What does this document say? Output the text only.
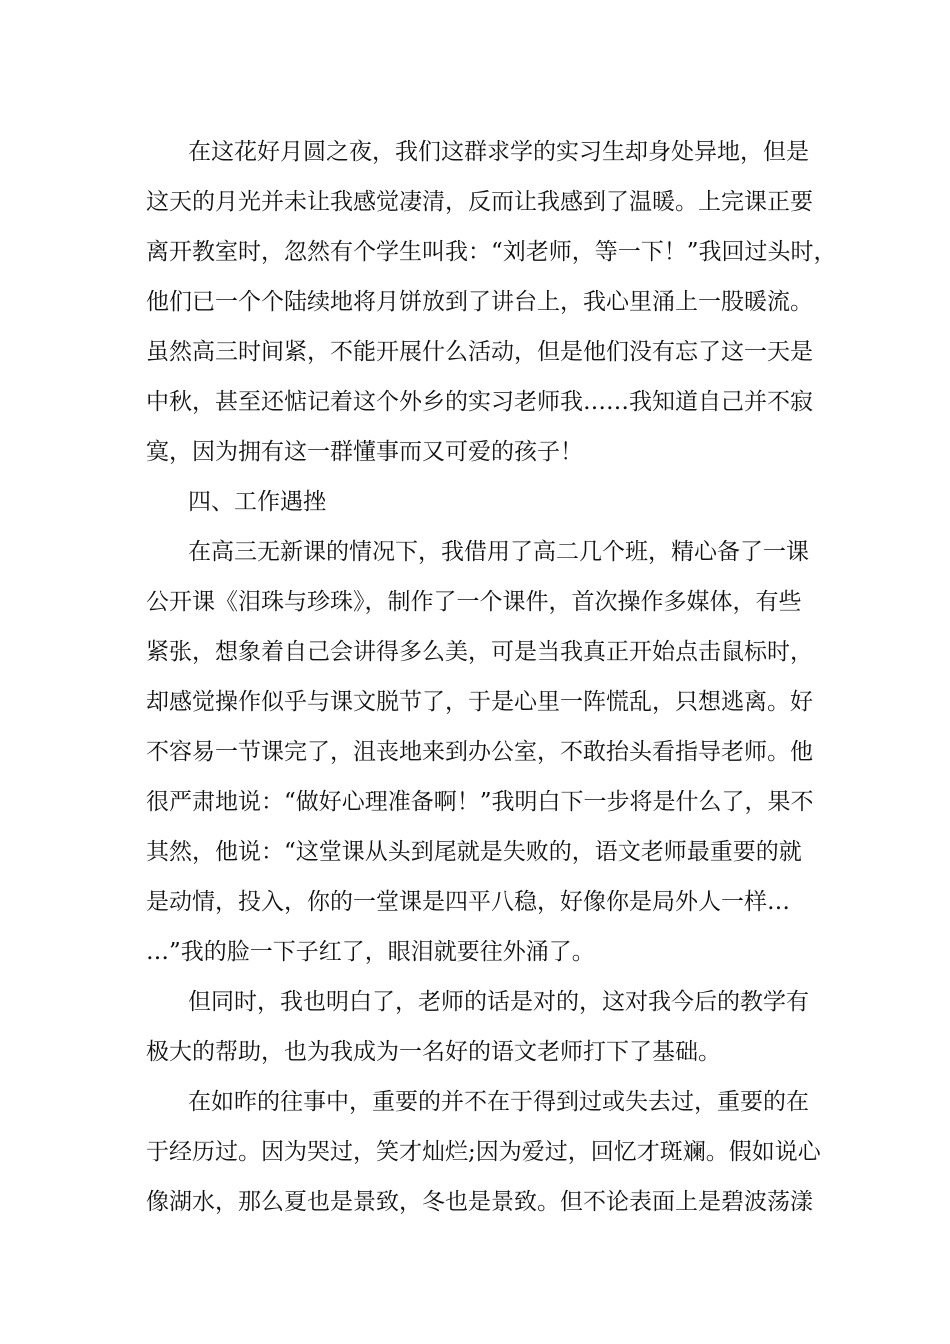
在这花好月圆之夜，我们这群求学的实习生却身处异地，但是
这天的月光并未让我感觉凄清，反而让我感到了温暖。上完课正要
离开教室时，忽然有个学生叫我：“刘老师，等一下！”我回过头时，
他们已一个个陆续地将月饼放到了讲台上，我心里涌上一股暖流。
虽然高三时间紧，不能开展什么活动，但是他们没有忘了这一天是
中秋，甚至还惦记着这个外乡的实习老师我……我知道自己并不寂
寞，因为拥有这一群懂事而又可爱的孩子！
四、工作遇挫
在高三无新课的情况下，我借用了高二几个班，精心备了一课
公开课《泪珠与珍珠》，制作了一个课件，首次操作多媒体，有些
紧张，想象着自己会讲得多么美，可是当我真正开始点击鼠标时，
却感觉操作似乎与课文脱节了，于是心里一阵慌乱，只想逃离。好
不容易一节课完了，沮丧地来到办公室，不敢抬头看指导老师。他
很严肃地说：“做好心理准备啊！”我明白下一步将是什么了，果不
其然，他说：“这堂课从头到尾就是失败的，语文老师最重要的就
是动情，投入，你的一堂课是四平八稳，好像你是局外人一样…
…”我的脸一下子红了，眼泪就要往外涌了。
但同时，我也明白了，老师的话是对的，这对我今后的教学有
极大的帮助，也为我成为一名好的语文老师打下了基础。
在如昨的往事中，重要的并不在于得到过或失去过，重要的在
于经历过。因为哭过，笑才灿烂;因为爱过，回忆才斑斓。假如说心
像湖水，那么夏也是景致，冬也是景致。但不论表面上是碧波荡漾
